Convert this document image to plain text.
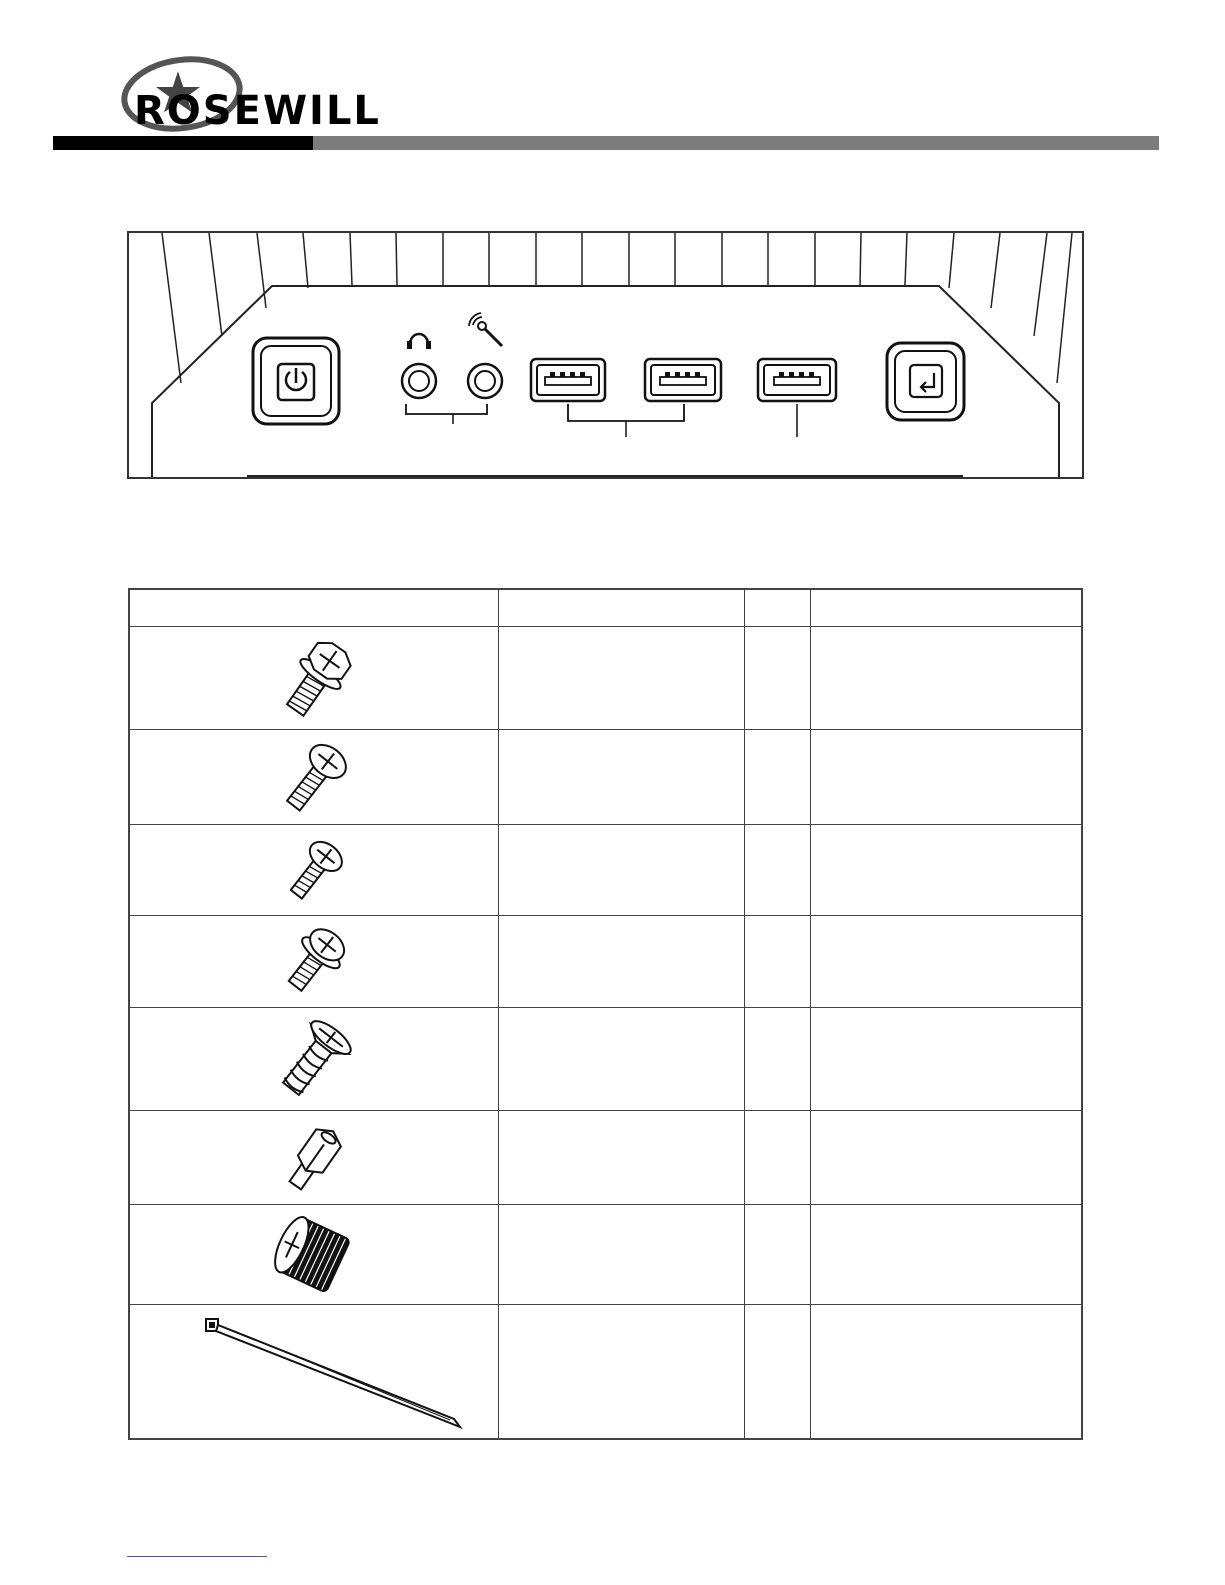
ROSEWILL
